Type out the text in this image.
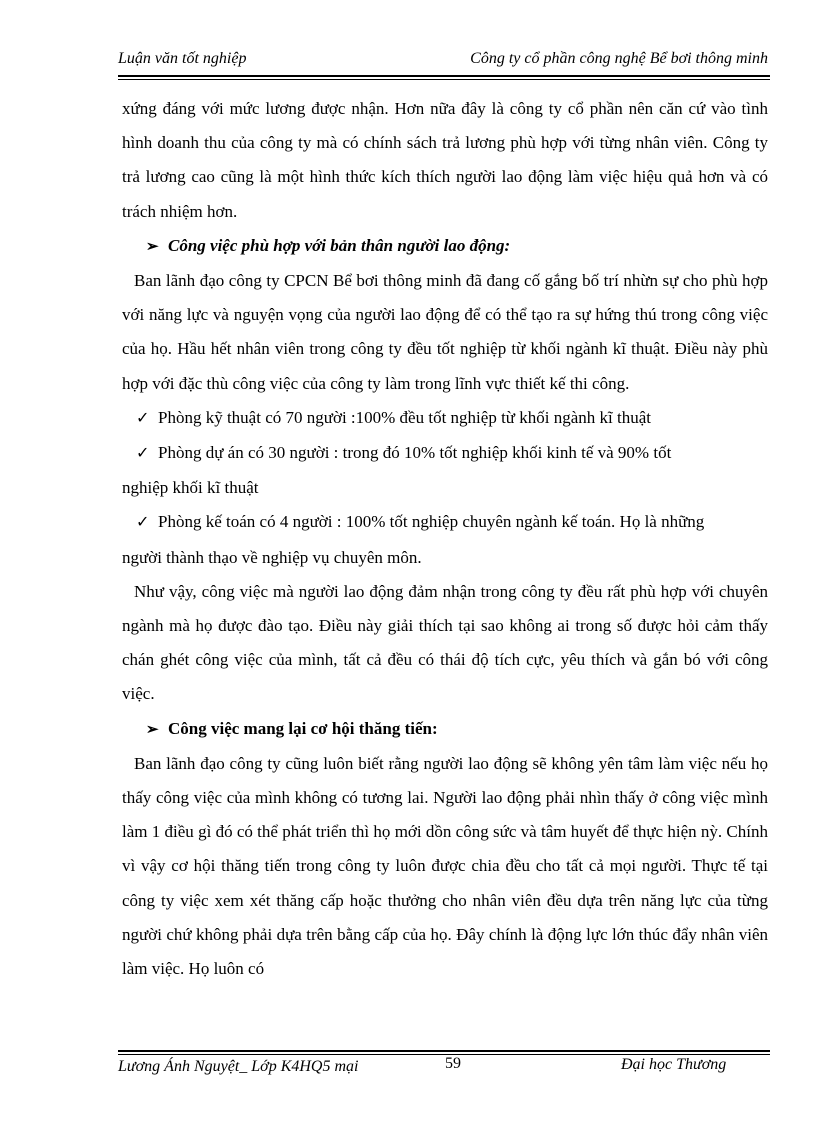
Luận văn tốt nghiệp	Công ty cổ phần công nghệ Bể bơi thông minh

xứng đáng với mức lương được nhận. Hơn nữa đây là công ty cổ phần nên căn cứ vào tình hình doanh thu của công ty mà có chính sách trả lương phù hợp với từng nhân viên. Công ty trả lương cao cũng là một hình thức kích thích người lao động làm việc hiệu quả hơn và có trách nhiệm hơn.

➢ Công việc phù hợp với bản thân người lao động:

Ban lãnh đạo công ty CPCN Bể bơi thông minh đã đang cố gắng bố trí nhừn sự cho phù hợp với năng lực và nguyện vọng của người lao động để có thể tạo ra sự hứng thú trong công việc của họ. Hầu hết nhân viên trong công ty đều tốt nghiệp từ khối ngành kĩ thuật. Điều này phù hợp với đặc thù công việc của công ty làm trong lĩnh vực thiết kế thi công.

✓ Phòng kỹ thuật có 70 người :100% đều tốt nghiệp từ khối ngành kĩ thuật

✓ Phòng dự án có 30 người : trong đó 10% tốt nghiệp khối kinh tế và 90% tốt

nghiệp khối kĩ thuật

✓ Phòng kế toán có 4 người : 100% tốt nghiệp chuyên ngành kế toán. Họ là những

người thành thạo về nghiệp vụ chuyên môn.

Như vậy, công việc mà người lao động đảm nhận trong công ty đều rất phù hợp với chuyên ngành mà họ được đào tạo. Điều này giải thích tại sao không ai trong số được hỏi cảm thấy chán ghét công việc của mình, tất cả đều có thái độ tích cực, yêu thích và gắn bó với công việc.

➢ Công việc mang lại cơ hội thăng tiến:

Ban lãnh đạo công ty cũng luôn biết rằng người lao động sẽ không yên tâm làm việc nếu họ thấy công việc của mình không có tương lai. Người lao động phải nhìn thấy ở công việc mình làm 1 điều gì đó có thể phát triển thì họ mới dồn công sức và tâm huyết để thực hiện nỳ. Chính vì vậy cơ hội thăng tiến trong công ty luôn được chia đều cho tất cả mọi người. Thực tế tại công ty việc xem xét thăng cấp hoặc thưởng cho nhân viên đều dựa trên năng lực của từng người chứ không phải dựa trên bằng cấp của họ. Đây chính là động lực lớn thúc đẩy nhân viên làm việc. Họ luôn có

Lương Ánh Nguyệt_ Lớp K4HQ5 mại	59	Đại học Thương
